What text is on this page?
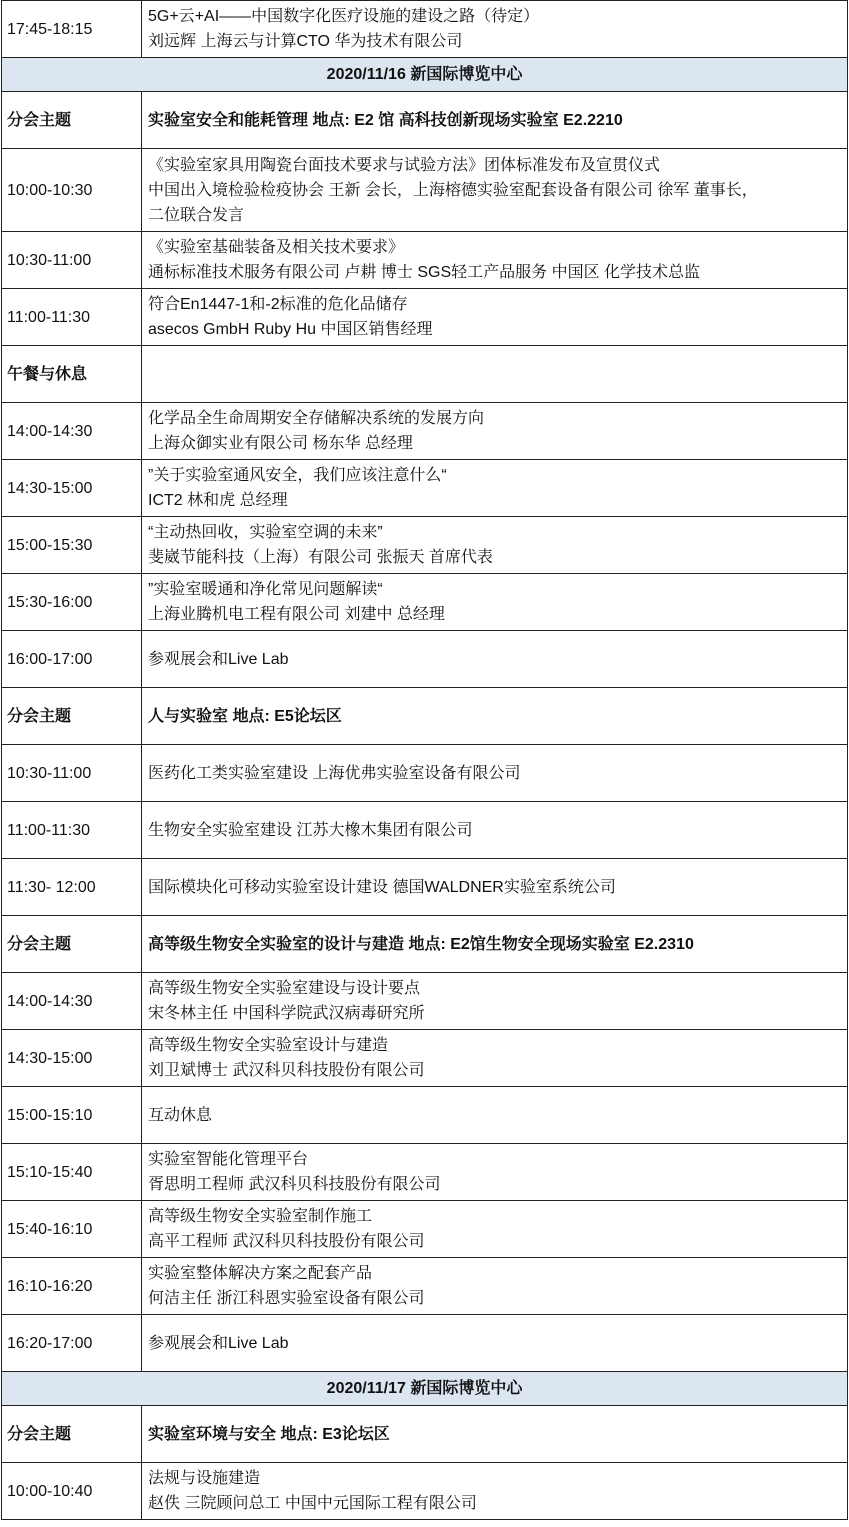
17:45-18:15	5G+云+AI——中国数字化医疗设施的建设之路（待定）
刘远辉 上海云与计算CTO 华为技术有限公司

2020/11/16 新国际博览中心	
分会主题	实验室安全和能耗管理 地点: E2 馆 高科技创新现场实验室 E2.2210
10:00-10:30	《实验室家具用陶瓷台面技术要求与试验方法》团体标准发布及宣贯仪式
中国出入境检验检疫协会 王新 会长，上海榕德实验室配套设备有限公司 徐军 董事长，
二位联合发言

10:30-11:00	《实验室基础装备及相关技术要求》
通标标准技术服务有限公司 卢耕 博士 SGS轻工产品服务 中国区 化学技术总监

11:00-11:30	符合En1447-1和-2标准的危化品储存
asecos GmbH Ruby Hu 中国区销售经理

午餐与休息	

14:00-14:30	化学品全生命周期安全存储解决系统的发展方向
上海众御实业有限公司 杨东华 总经理

14:30-15:00	”关于实验室通风安全，我们应该注意什么“
ICT2 林和虎 总经理

15:00-15:30	“主动热回收，实验室空调的未来”
斐崴节能科技（上海）有限公司 张振天 首席代表

15:30-16:00	”实验室暖通和净化常见问题解读“
上海业腾机电工程有限公司 刘建中 总经理

16:00-17:00	参观展会和Live Lab

分会主题	人与实验室 地点: E5论坛区
10:30-11:00	医药化工类实验室建设 上海优弗实验室设备有限公司

11:00-11:30	生物安全实验室建设 江苏大橡木集团有限公司

11:30- 12:00	国际模块化可移动实验室设计建设 德国WALDNER实验室系统公司

分会主题	高等级生物安全实验室的设计与建造 地点: E2馆生物安全现场实验室 E2.2310
14:00-14:30	高等级生物安全实验室建设与设计要点
宋冬林主任 中国科学院武汉病毒研究所

14:30-15:00	高等级生物安全实验室设计与建造
刘卫斌博士 武汉科贝科技股份有限公司

15:00-15:10	互动休息

15:10-15:40	实验室智能化管理平台
胥思明工程师 武汉科贝科技股份有限公司

15:40-16:10	高等级生物安全实验室制作施工
高平工程师 武汉科贝科技股份有限公司

16:10-16:20	实验室整体解决方案之配套产品
何洁主任 浙江科恩实验室设备有限公司

16:20-17:00	参观展会和Live Lab

2020/11/17 新国际博览中心	
分会主题	实验室环境与安全 地点: E3论坛区
10:00-10:40	法规与设施建造
赵佚 三院顾问总工 中国中元国际工程有限公司
